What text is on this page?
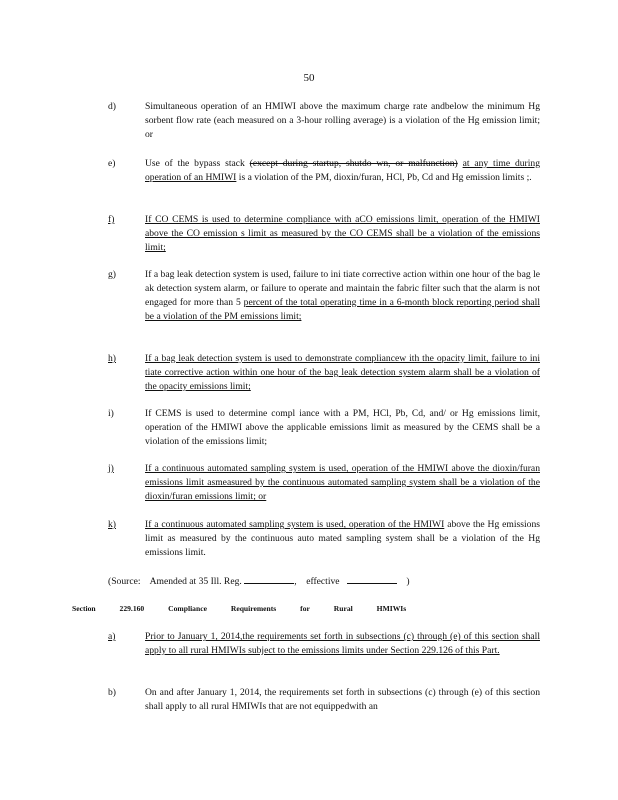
50
d)	Simultaneous operation of an HMIWI above the maximum charge rate andbelow the minimum Hg sorbent flow rate (each measured on a 3-hour rolling average) is a violation of the Hg emission limit; or
e)	Use of the bypass stack (except during startup, shutdo wn, or malfunction) at any time during operation of an HMIWI is a violation of the PM, dioxin/furan, HCl, Pb, Cd and Hg emission limits ;.
f)	If CO CEMS is used to determine compliance with aCO emissions limit, operation of the HMIWI above the CO emission s limit as measured by the CO CEMS shall be a violation of the emissions limit;
g)	If a bag leak detection system is used, failure to ini tiate corrective action within one hour of the bag le ak detection system alarm, or failure to operate and maintain the fabric filter such that the alarm is not engaged for more than 5 percent of the total operating time in a 6-month block reporting period shall be a violation of the PM emissions limit;
h)	If a bag leak detection system is used to demonstrate compliancew ith the opacity limit, failure to ini tiate corrective action within one hour of the bag leak detection system alarm shall be a violation of the opacity emissions limit;
i)	If CEMS is used to determine compl iance with a PM, HCl, Pb, Cd, and/ or Hg emissions limit, operation of the HMIWI above the applicable emissions limit as measured by the CEMS shall be a violation of the emissions limit;
j)	If a continuous automated sampling system is used, operation of the HMIWI above the dioxin/furan emissions limit asmeasured by the continuous automated sampling system shall be a violation of the dioxin/furan emissions limit; or
k)	If a continuous automated sampling system is used, operation of the HMIWI above the Hg emissions limit as measured by the continuous auto mated sampling system shall be a violation of the Hg emissions limit.
(Source: Amended at 35 Ill. Reg.	, effective	)
Section	229.160	Compliance	Requirements	for	Rural	HMIWIs
a)	Prior to January 1, 2014,the requirements set forth in subsections (c) through (e) of this section shall apply to all rural HMIWIs subject to the emissions limits under Section 229.126 of this Part.
b)	On and after January 1, 2014, the requirements set forth in subsections (c) through (e) of this section shall apply to all rural HMIWIs that are not equippedwith an
